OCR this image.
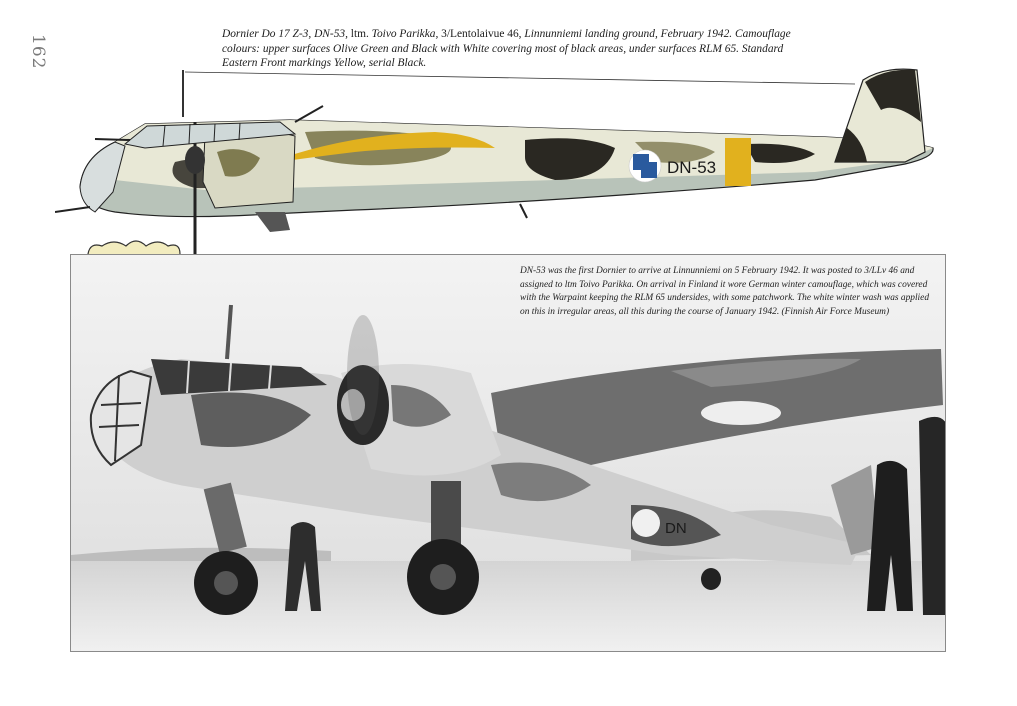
162	Dornier Do 17 Z-3, DN-53, ltm. Toivo Parikka, 3/Lentolaivue 46, Linnunniemi landing ground, February 1942. Camouflage colours: upper surfaces Olive Green and Black with White covering most of black areas, under surfaces RLM 65. Standard Eastern Front markings Yellow, serial Black.
DN-53
DN
DN-53 was the first Dornier to arrive at Linnunniemi on 5 February 1942. It was posted to 3/LLv 46 and assigned to ltm Toivo Parikka. On arrival in Finland it wore German winter camouflage, which was covered with the Warpaint keeping the RLM 65 undersides, with some patchwork. The white winter wash was applied on this in irregular areas, all this during the course of January 1942. (Finnish Air Force Museum)
